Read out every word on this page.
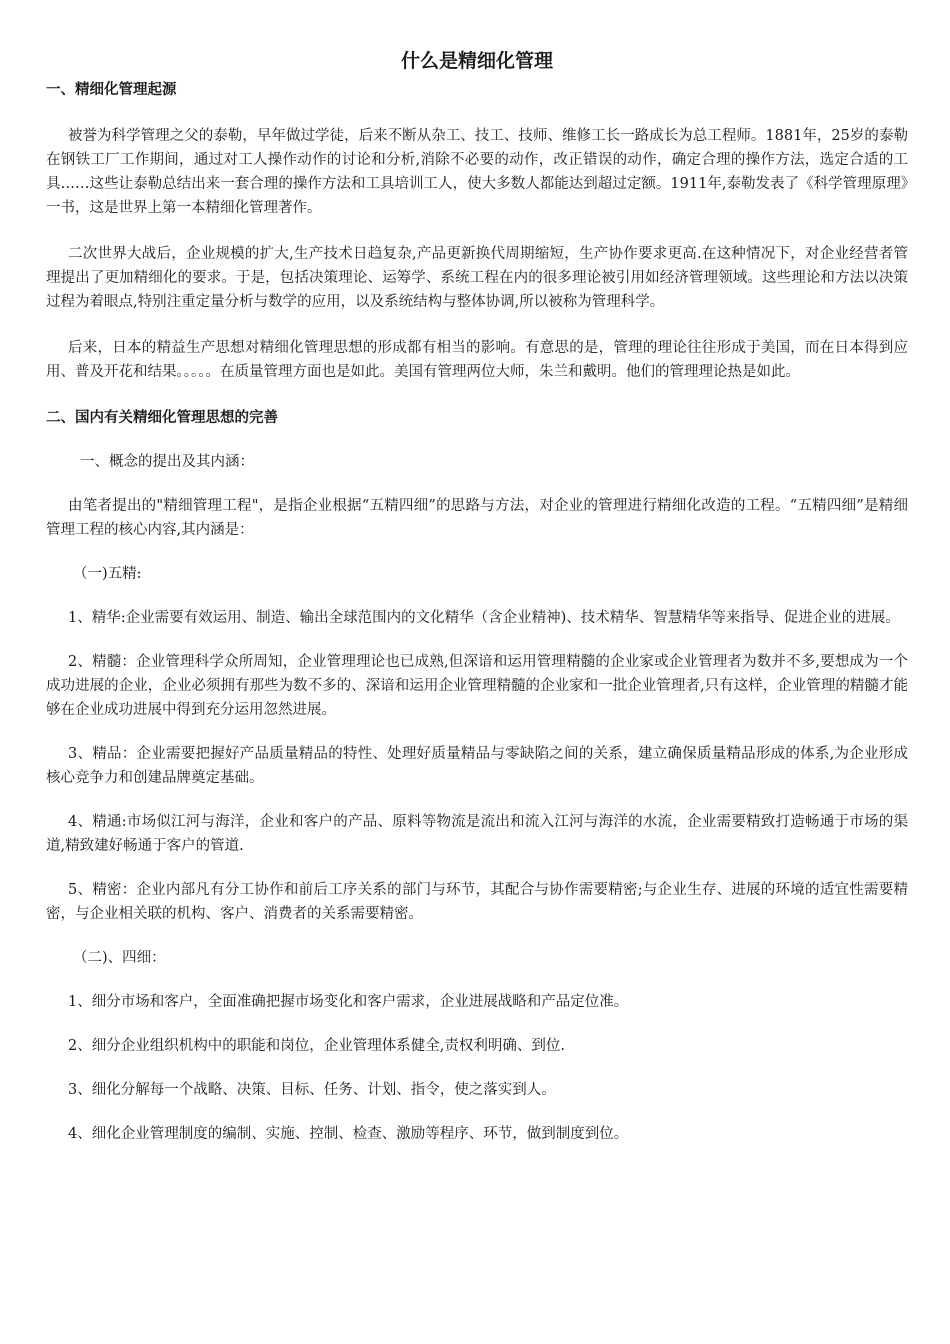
什么是精细化管理
一、精细化管理起源

被誉为科学管理之父的泰勒，早年做过学徒，后来不断从杂工、技工、技师、维修工长一路成长为总工程师。1881年，25岁的泰勒在钢铁工厂工作期间，通过对工人操作动作的讨论和分析,消除不必要的动作，改正错误的动作，确定合理的操作方法，选定合适的工具……这些让泰勒总结出来一套合理的操作方法和工具培训工人，使大多数人都能达到超过定额。1911年,泰勒发表了《科学管理原理》一书，这是世界上第一本精细化管理著作。

二次世界大战后，企业规模的扩大,生产技术日趋复杂,产品更新换代周期缩短，生产协作要求更高.在这种情况下，对企业经营者管理提出了更加精细化的要求。于是，包括决策理论、运筹学、系统工程在内的很多理论被引用如经济管理领域。这些理论和方法以决策过程为着眼点,特别注重定量分析与数学的应用，以及系统结构与整体协调,所以被称为管理科学。

后来，日本的精益生产思想对精细化管理思想的形成都有相当的影响。有意思的是，管理的理论往往形成于美国，而在日本得到应用、普及开花和结果。。。。。在质量管理方面也是如此。美国有管理两位大师，朱兰和戴明。他们的管理理论热是如此。

二、国内有关精细化管理思想的完善

一、概念的提出及其内涵：

由笔者提出的"精细管理工程"，是指企业根据“五精四细”的思路与方法，对企业的管理进行精细化改造的工程。“五精四细”是精细管理工程的核心内容,其内涵是：

（一)五精:

1、精华:企业需要有效运用、制造、输出全球范围内的文化精华（含企业精神)、技术精华、智慧精华等来指导、促进企业的进展。

2、精髓：企业管理科学众所周知，企业管理理论也已成熟,但深谙和运用管理精髓的企业家或企业管理者为数并不多,要想成为一个成功进展的企业，企业必须拥有那些为数不多的、深谙和运用企业管理精髓的企业家和一批企业管理者,只有这样，企业管理的精髓才能够在企业成功进展中得到充分运用忽然进展。

3、精品：企业需要把握好产品质量精品的特性、处理好质量精品与零缺陷之间的关系，建立确保质量精品形成的体系,为企业形成核心竞争力和创建品牌奠定基础。

4、精通:市场似江河与海洋，企业和客户的产品、原料等物流是流出和流入江河与海洋的水流，企业需要精致打造畅通于市场的渠道,精致建好畅通于客户的管道.

5、精密：企业内部凡有分工协作和前后工序关系的部门与环节，其配合与协作需要精密;与企业生存、进展的环境的适宜性需要精密，与企业相关联的机构、客户、消费者的关系需要精密。

（二)、四细：

1、细分市场和客户，全面准确把握市场变化和客户需求，企业进展战略和产品定位准。

2、细分企业组织机构中的职能和岗位，企业管理体系健全,责权利明确、到位.

3、细化分解每一个战略、决策、目标、任务、计划、指令，使之落实到人。

4、细化企业管理制度的编制、实施、控制、检查、激励等程序、环节，做到制度到位。
